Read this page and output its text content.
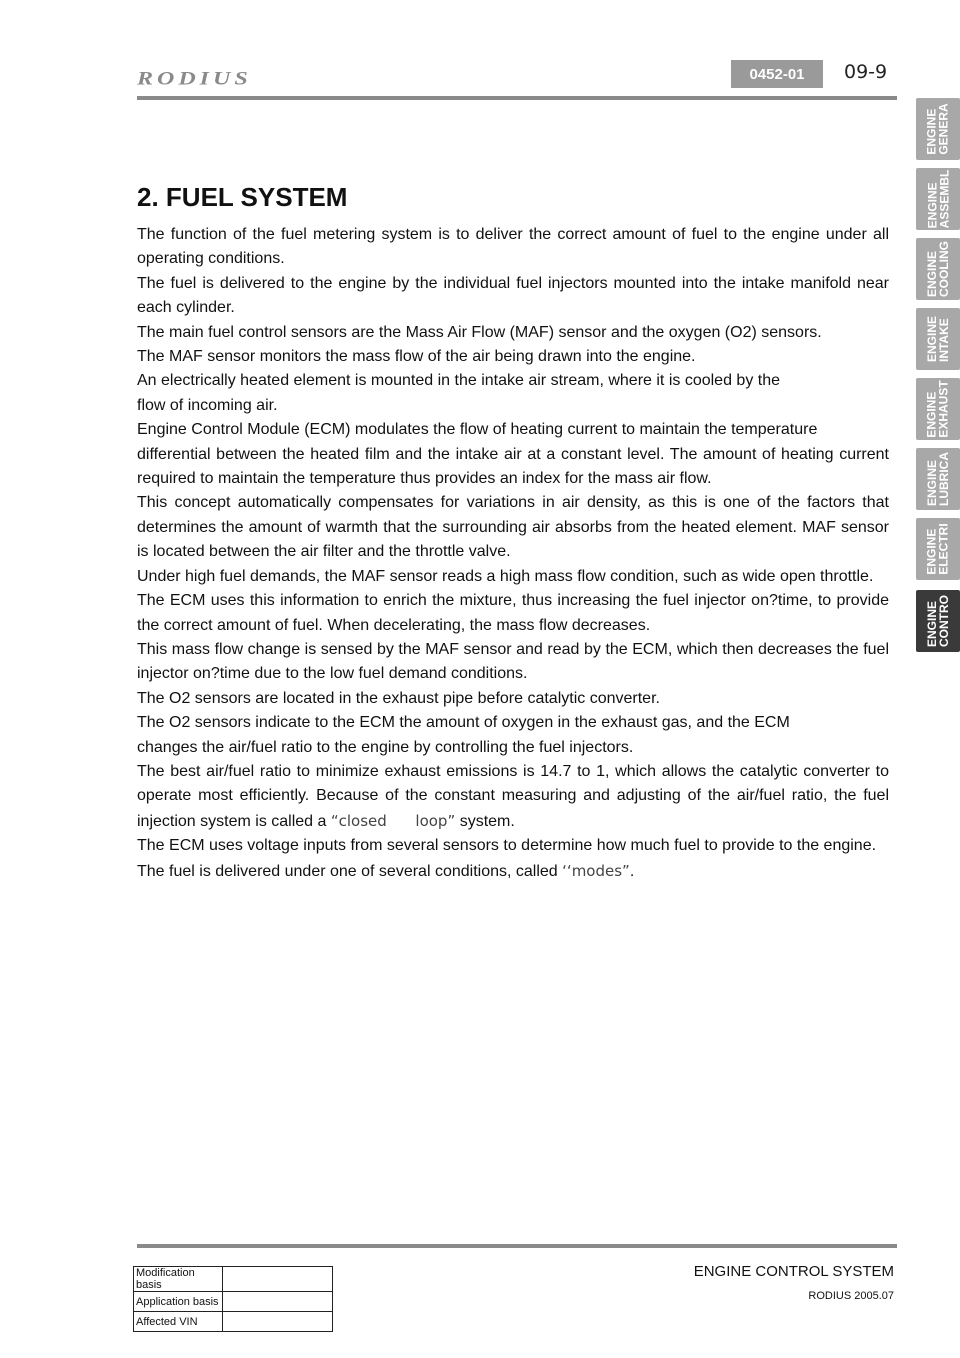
RODIUS	0452-01	09-9
ENGINE
GENERA
ENGINE
ASSEMBL
ENGINE
COOLING
ENGINE
INTAKE
ENGINE
EXHAUST
ENGINE
LUBRICA
ENGINE
ELECTRI
ENGINE
CONTRO
2. FUEL SYSTEM

The function of the fuel metering system is to deliver the correct amount of fuel to the engine under all operating conditions.

The fuel is delivered to the engine by the individual fuel injectors mounted into the intake manifold near each cylinder.

The main fuel control sensors are the Mass Air Flow (MAF) sensor and the oxygen (O2) sensors.

The MAF sensor monitors the mass flow of the air being drawn into the engine.

An electrically heated element is mounted in the intake air stream, where it is cooled by the

flow of incoming air.

Engine Control Module (ECM) modulates the flow of heating current to maintain the temperature

differential between the heated film and the intake air at a constant level. The amount of heating current required to maintain the temperature thus provides an index for the mass air flow.

This concept automatically compensates for variations in air density, as this is one of the factors that determines the amount of warmth that the surrounding air absorbs from the heated element. MAF sensor is located between the air filter and the throttle valve.

Under high fuel demands, the MAF sensor reads a high mass flow condition, such as wide open throttle.

The ECM uses this information to enrich the mixture, thus increasing the fuel injector on?time, to provide the correct amount of fuel. When decelerating, the mass flow decreases.

This mass flow change is sensed by the MAF sensor and read by the ECM, which then decreases the fuel injector on?time due to the low fuel demand conditions.

The O2 sensors are located in the exhaust pipe before catalytic converter.

The O2 sensors indicate to the ECM the amount of oxygen in the exhaust gas, and the ECM

changes the air/fuel ratio to the engine by controlling the fuel injectors.

The best air/fuel ratio to minimize exhaust emissions is 14.7 to 1, which allows the catalytic converter to operate most efficiently. Because of the constant measuring and adjusting of the air/fuel ratio, the fuel injection system is called a “closed      loop” system.

The ECM uses voltage inputs from several sensors to determine how much fuel to provide to the engine.

The fuel is delivered under one of several conditions, called ‘‘modes”.

ENGINE CONTROL SYSTEM
RODIUS 2005.07
Modification basis	
Application basis	
Affected VIN	
